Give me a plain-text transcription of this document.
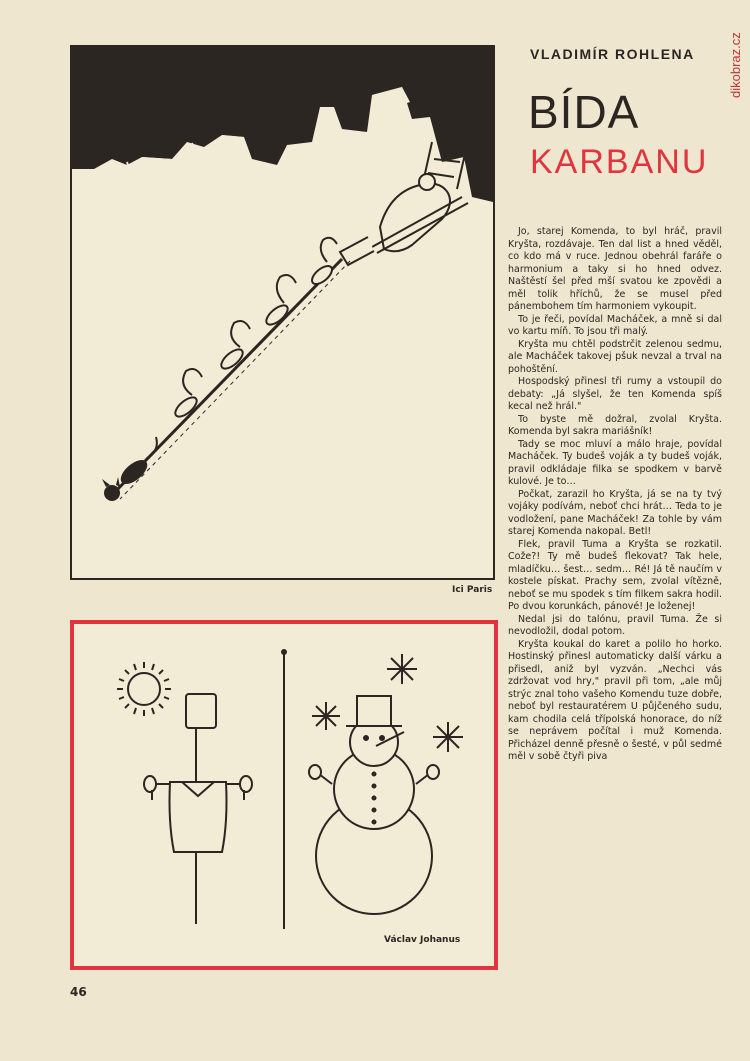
dikobraz.cz
Ici Paris
Václav Johanus
VLADIMÍR ROHLENA
BÍDA
KARBANU

Jo, starej Komenda, to byl hráč, pravil Kryšta, rozdávaje. Ten dal list a hned věděl, co kdo má v ruce. Jednou obehrál faráře o harmonium a taky si ho hned odvez. Naštěstí šel před mší svatou ke zpovědi a měl tolik hříchů, že se musel před pánembohem tím harmoniem vykoupit.

To je řeči, povídal Macháček, a mně si dal vo kartu míň. To jsou tři malý.

Kryšta mu chtěl podstrčit zelenou sedmu, ale Macháček takovej pšuk nevzal a trval na pohoštění.

Hospodský přinesl tři rumy a vstoupil do debaty: „Já slyšel, že ten Komenda spíš kecal než hrál."

To byste mě dožral, zvolal Kryšta. Komenda byl sakra mariášník!

Tady se moc mluví a málo hraje, povídal Macháček. Ty budeš voják a ty budeš voják, pravil odkládaje filka se spodkem v barvě kulové. Je to…

Počkat, zarazil ho Kryšta, já se na ty tvý vojáky podívám, neboť chci hrát… Teda to je vodložení, pane Macháček! Za tohle by vám starej Komenda nakopal. Betl!

Flek, pravil Tuma a Kryšta se rozkatil. Cože?! Ty mě budeš flekovat? Tak hele, mladíčku… šest… sedm… Ré! Já tě naučím v kostele pískat. Prachy sem, zvolal vítězně, neboť se mu spodek s tím filkem sakra hodil. Po dvou korunkách, pánové! Je loženej!

Nedal jsi do talónu, pravil Tuma. Že si nevodložil, dodal potom.

Kryšta koukal do karet a polilo ho horko. Hostinský přinesl automaticky další várku a přisedl, aniž byl vyzván. „Nechci vás zdržovat vod hry," pravil při tom, „ale můj strýc znal toho vašeho Komendu tuze dobře, neboť byl restauratérem U půjčeného sudu, kam chodila celá třípolská honorace, do níž se neprávem počítal i muž Komenda. Přicházel denně přesně o šesté, v půl sedmé měl v sobě čtyři piva

46
